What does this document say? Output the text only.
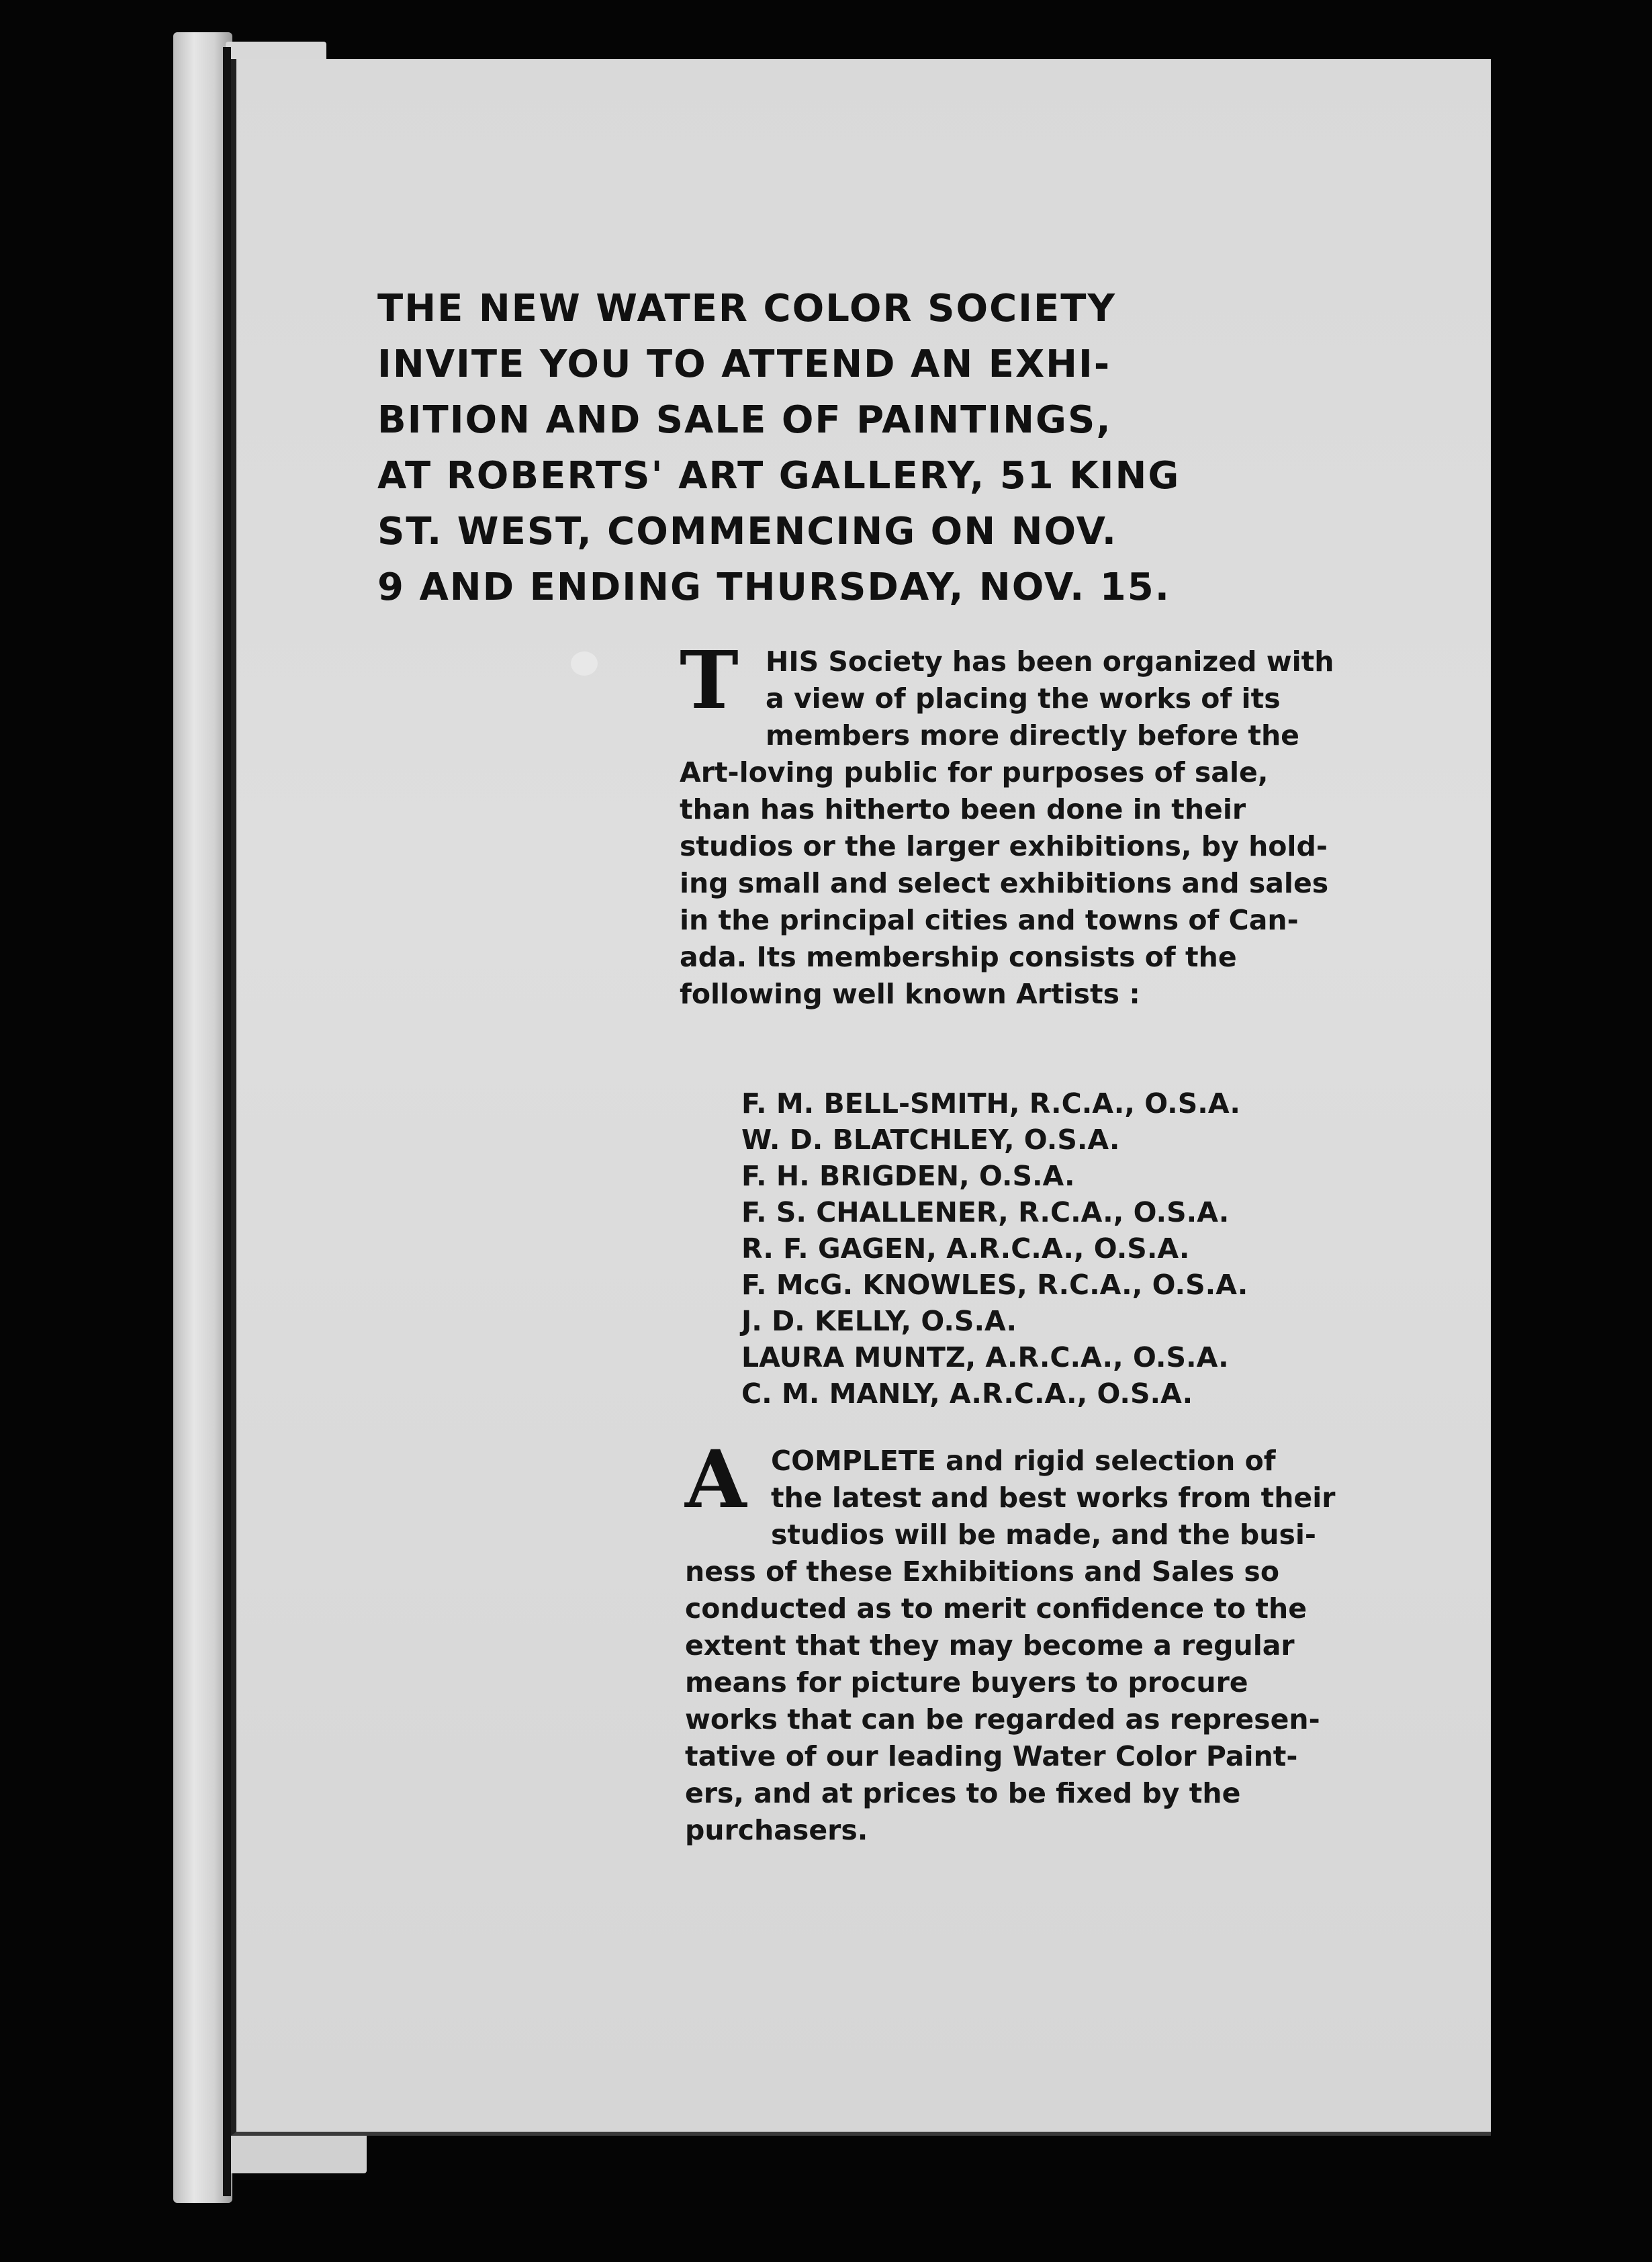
THE NEW WATER COLOR SOCIETY
INVITE YOU TO ATTEND AN EXHI-
BITION AND SALE OF PAINTINGS,
AT ROBERTS' ART GALLERY, 51 KING
ST. WEST, COMMENCING ON NOV.
9 AND ENDING THURSDAY, NOV. 15.
T HIS Society has been organized with
a view of placing the works of its
members more directly before the
Art-loving public for purposes of sale,
than has hitherto been done in their
studios or the larger exhibitions, by hold-
ing small and select exhibitions and sales
in the principal cities and towns of Can-
ada. Its membership consists of the
following well known Artists :
F. M. BELL-SMITH, R.C.A., O.S.A.
W. D. BLATCHLEY, O.S.A.
F. H. BRIGDEN, O.S.A.
F. S. CHALLENER, R.C.A., O.S.A.
R. F. GAGEN, A.R.C.A., O.S.A.
F. McG. KNOWLES, R.C.A., O.S.A.
J. D. KELLY, O.S.A.
LAURA MUNTZ, A.R.C.A., O.S.A.
C. M. MANLY, A.R.C.A., O.S.A.
A COMPLETE and rigid selection of
the latest and best works from their
studios will be made, and the busi-
ness of these Exhibitions and Sales so
conducted as to merit confidence to the
extent that they may become a regular
means for picture buyers to procure
works that can be regarded as represen-
tative of our leading Water Color Paint-
ers, and at prices to be fixed by the
purchasers.
